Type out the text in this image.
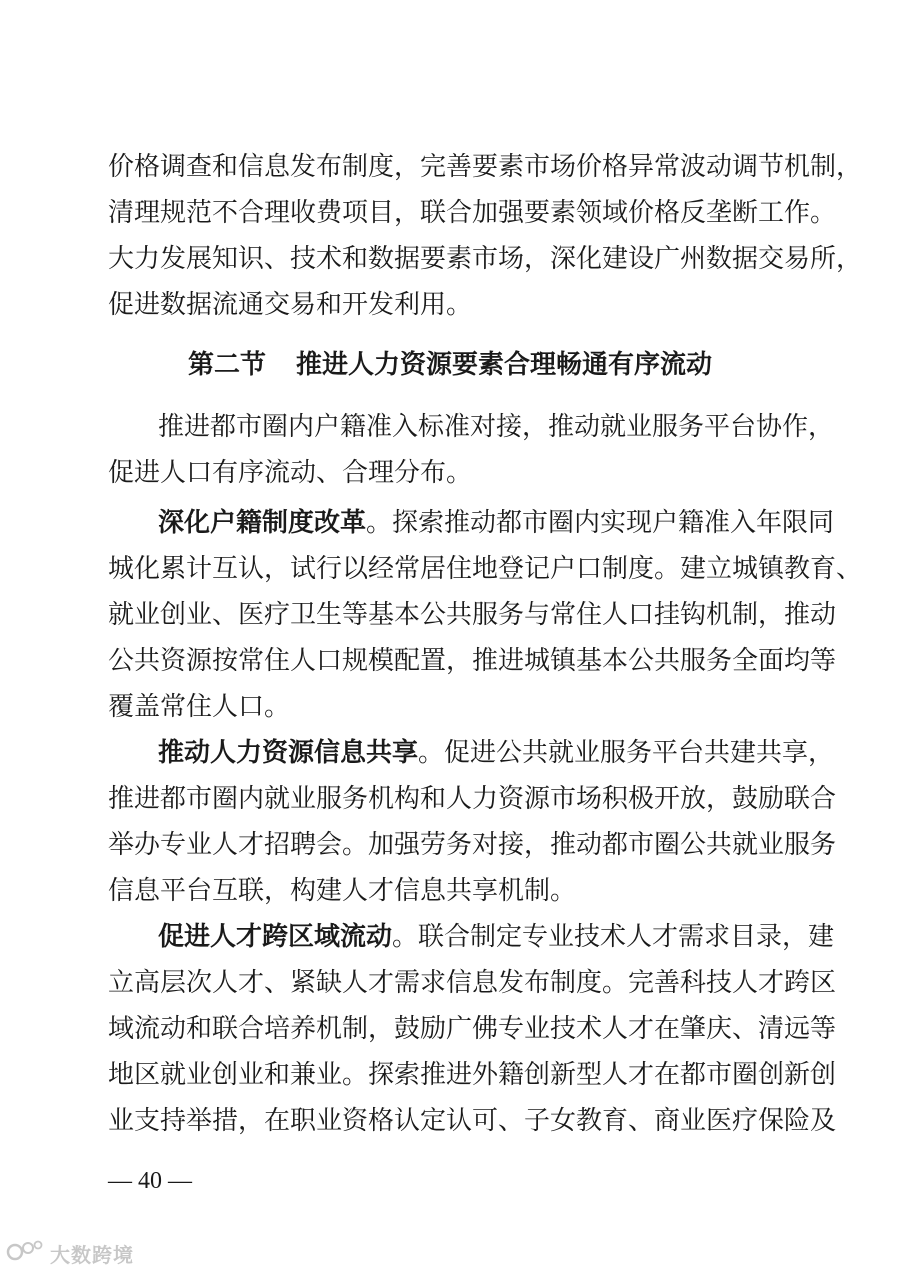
价格调查和信息发布制度，完善要素市场价格异常波动调节机制，
清理规范不合理收费项目，联合加强要素领域价格反垄断工作。
大力发展知识、技术和数据要素市场，深化建设广州数据交易所，
促进数据流通交易和开发利用。
第二节 推进人力资源要素合理畅通有序流动
推进都市圈内户籍准入标准对接，推动就业服务平台协作，
促进人口有序流动、合理分布。
深化户籍制度改革。探索推动都市圈内实现户籍准入年限同
城化累计互认，试行以经常居住地登记户口制度。建立城镇教育、
就业创业、医疗卫生等基本公共服务与常住人口挂钩机制，推动
公共资源按常住人口规模配置，推进城镇基本公共服务全面均等
覆盖常住人口。
推动人力资源信息共享。促进公共就业服务平台共建共享，
推进都市圈内就业服务机构和人力资源市场积极开放，鼓励联合
举办专业人才招聘会。加强劳务对接，推动都市圈公共就业服务
信息平台互联，构建人才信息共享机制。
促进人才跨区域流动。联合制定专业技术人才需求目录，建
立高层次人才、紧缺人才需求信息发布制度。完善科技人才跨区
域流动和联合培养机制，鼓励广佛专业技术人才在肇庆、清远等
地区就业创业和兼业。探索推进外籍创新型人才在都市圈创新创
业支持举措，在职业资格认定认可、子女教育、商业医疗保险及
— 40 —
大数跨境
